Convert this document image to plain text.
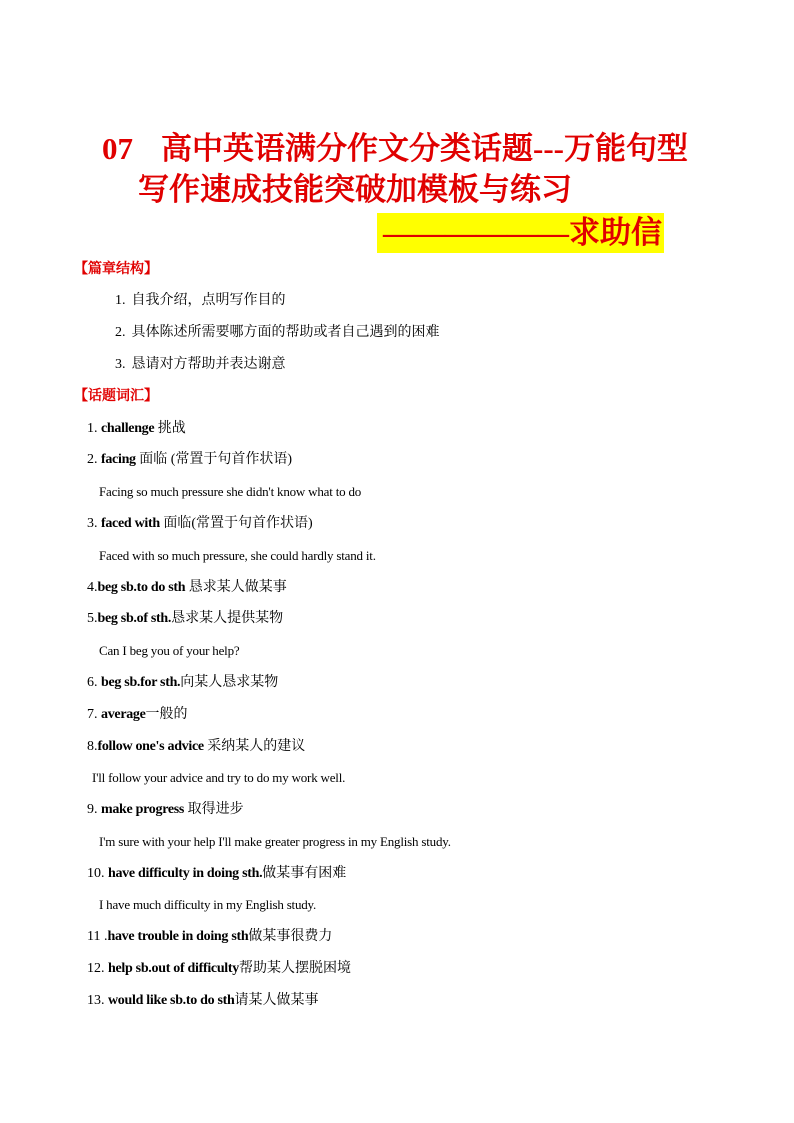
07 高中英语满分作文分类话题---万能句型
写作速成技能突破加模板与练习
——————求助信
【篇章结构】
1. 自我介绍，点明写作目的
2. 具体陈述所需要哪方面的帮助或者自己遇到的困难
3. 恳请对方帮助并表达谢意
【话题词汇】
1. challenge 挑战
2. facing 面临 (常置于句首作状语)
Facing so much pressure she didn't know what to do
3. faced with 面临(常置于句首作状语)
Faced with so much pressure, she could hardly stand it.
4.beg sb.to do sth 恳求某人做某事
5.beg sb.of sth.恳求某人提供某物
Can I beg you of your help?
6. beg sb.for sth.向某人恳求某物
7. average一般的
8.follow one's advice 采纳某人的建议
I'll follow your advice and try to do my work well.
9. make progress 取得进步
I'm sure with your help I'll make greater progress in my English study.
10. have difficulty in doing sth.做某事有困难
I have much difficulty in my English study.
11 .have trouble in doing sth做某事很费力
12. help sb.out of difficulty帮助某人摆脱困境
13. would like sb.to do sth请某人做某事
